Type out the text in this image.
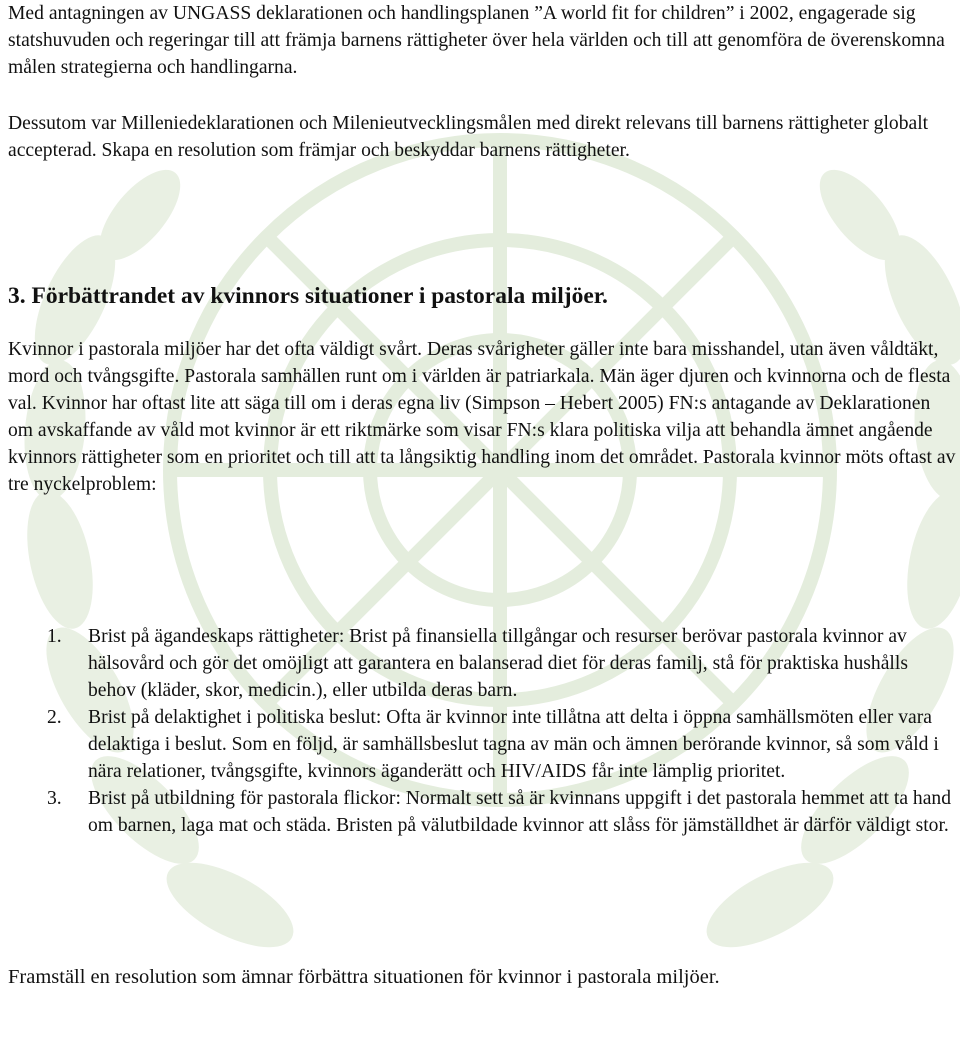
Med antagningen av UNGASS deklarationen och handlingsplanen ”A world fit for children” i 2002, engagerade sig statshuvuden och regeringar till att främja barnens rättigheter över hela världen och till att genomföra de överenskomna målen strategierna och handlingarna.

Dessutom var Milleniedeklarationen och Milenieutvecklingsmålen med direkt relevans till barnens rättigheter globalt accepterad. Skapa en resolution som främjar och beskyddar barnens rättigheter.

3. Förbättrandet av kvinnors situationer i pastorala miljöer.

Kvinnor i pastorala miljöer har det ofta väldigt svårt. Deras svårigheter gäller inte bara misshandel, utan även våldtäkt, mord och tvångsgifte. Pastorala samhällen runt om i världen är patriarkala. Män äger djuren och kvinnorna och de flesta val. Kvinnor har oftast lite att säga till om i deras egna liv (Simpson – Hebert 2005) FN:s antagande av Deklarationen om avskaffande av våld mot kvinnor är ett riktmärke som visar FN:s klara politiska vilja att behandla ämnet angående kvinnors rättigheter som en prioritet och till att ta långsiktig handling inom det området. Pastorala kvinnor möts oftast av tre nyckelproblem:

1. Brist på ägandeskaps rättigheter: Brist på finansiella tillgångar och resurser berövar pastorala kvinnor av hälsovård och gör det omöjligt att garantera en balanserad diet för deras familj, stå för praktiska hushålls behov (kläder, skor, medicin.), eller utbilda deras barn.
2. Brist på delaktighet i politiska beslut: Ofta är kvinnor inte tillåtna att delta i öppna samhällsmöten eller vara delaktiga i beslut. Som en följd, är samhällsbeslut tagna av män och ämnen berörande kvinnor, så som våld i nära relationer, tvångsgifte, kvinnors äganderätt och HIV/AIDS får inte lämplig prioritet.
3. Brist på utbildning för pastorala flickor: Normalt sett så är kvinnans uppgift i det pastorala hemmet att ta hand om barnen, laga mat och städa. Bristen på välutbildade kvinnor att slåss för jämställdhet är därför väldigt stor.

Framställ en resolution som ämnar förbättra situationen för kvinnor i pastorala miljöer.
